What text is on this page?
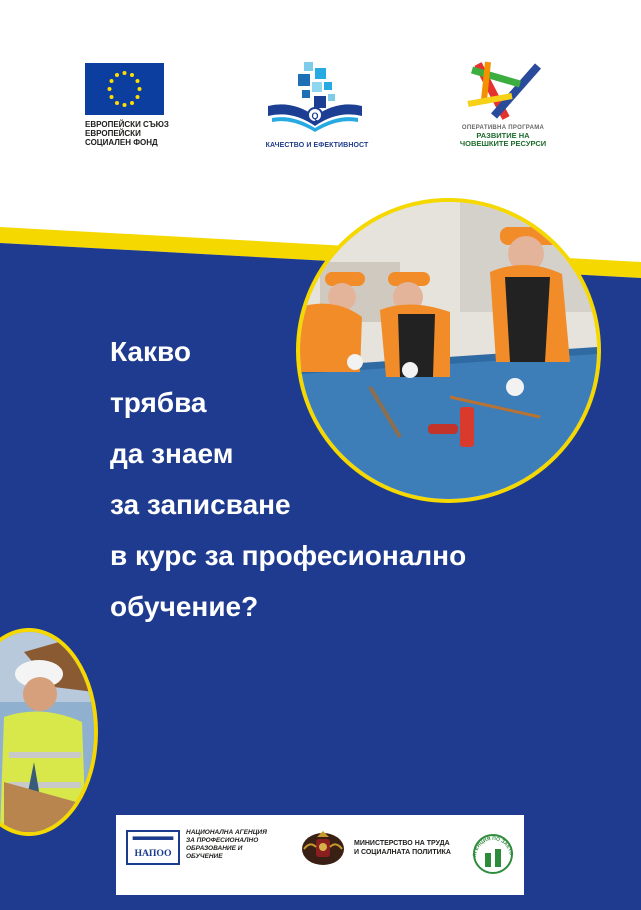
ЕВРОПЕЙСКИ СЪЮЗ
ЕВРОПЕЙСКИ
СОЦИАЛЕН ФОНД
Q
КАЧЕСТВО И ЕФЕКТИВНОСТ
ОПЕРАТИВНА ПРОГРАМА
РАЗВИТИЕ НА
ЧОВЕШКИТЕ РЕСУРСИ
Какво
трябва
да знаем
за записване
в курс за професионално
обучение?
НАПОО
НАЦИОНАЛНА АГЕНЦИЯ
ЗА ПРОФЕСИОНАЛНО
ОБРАЗОВАНИЕ И
ОБУЧЕНИЕ
МИНИСТЕРСТВО НА ТРУДА
И СОЦИАЛНАТА ПОЛИТИКА	АГЕНЦИЯ ПО ЗАЕТО
